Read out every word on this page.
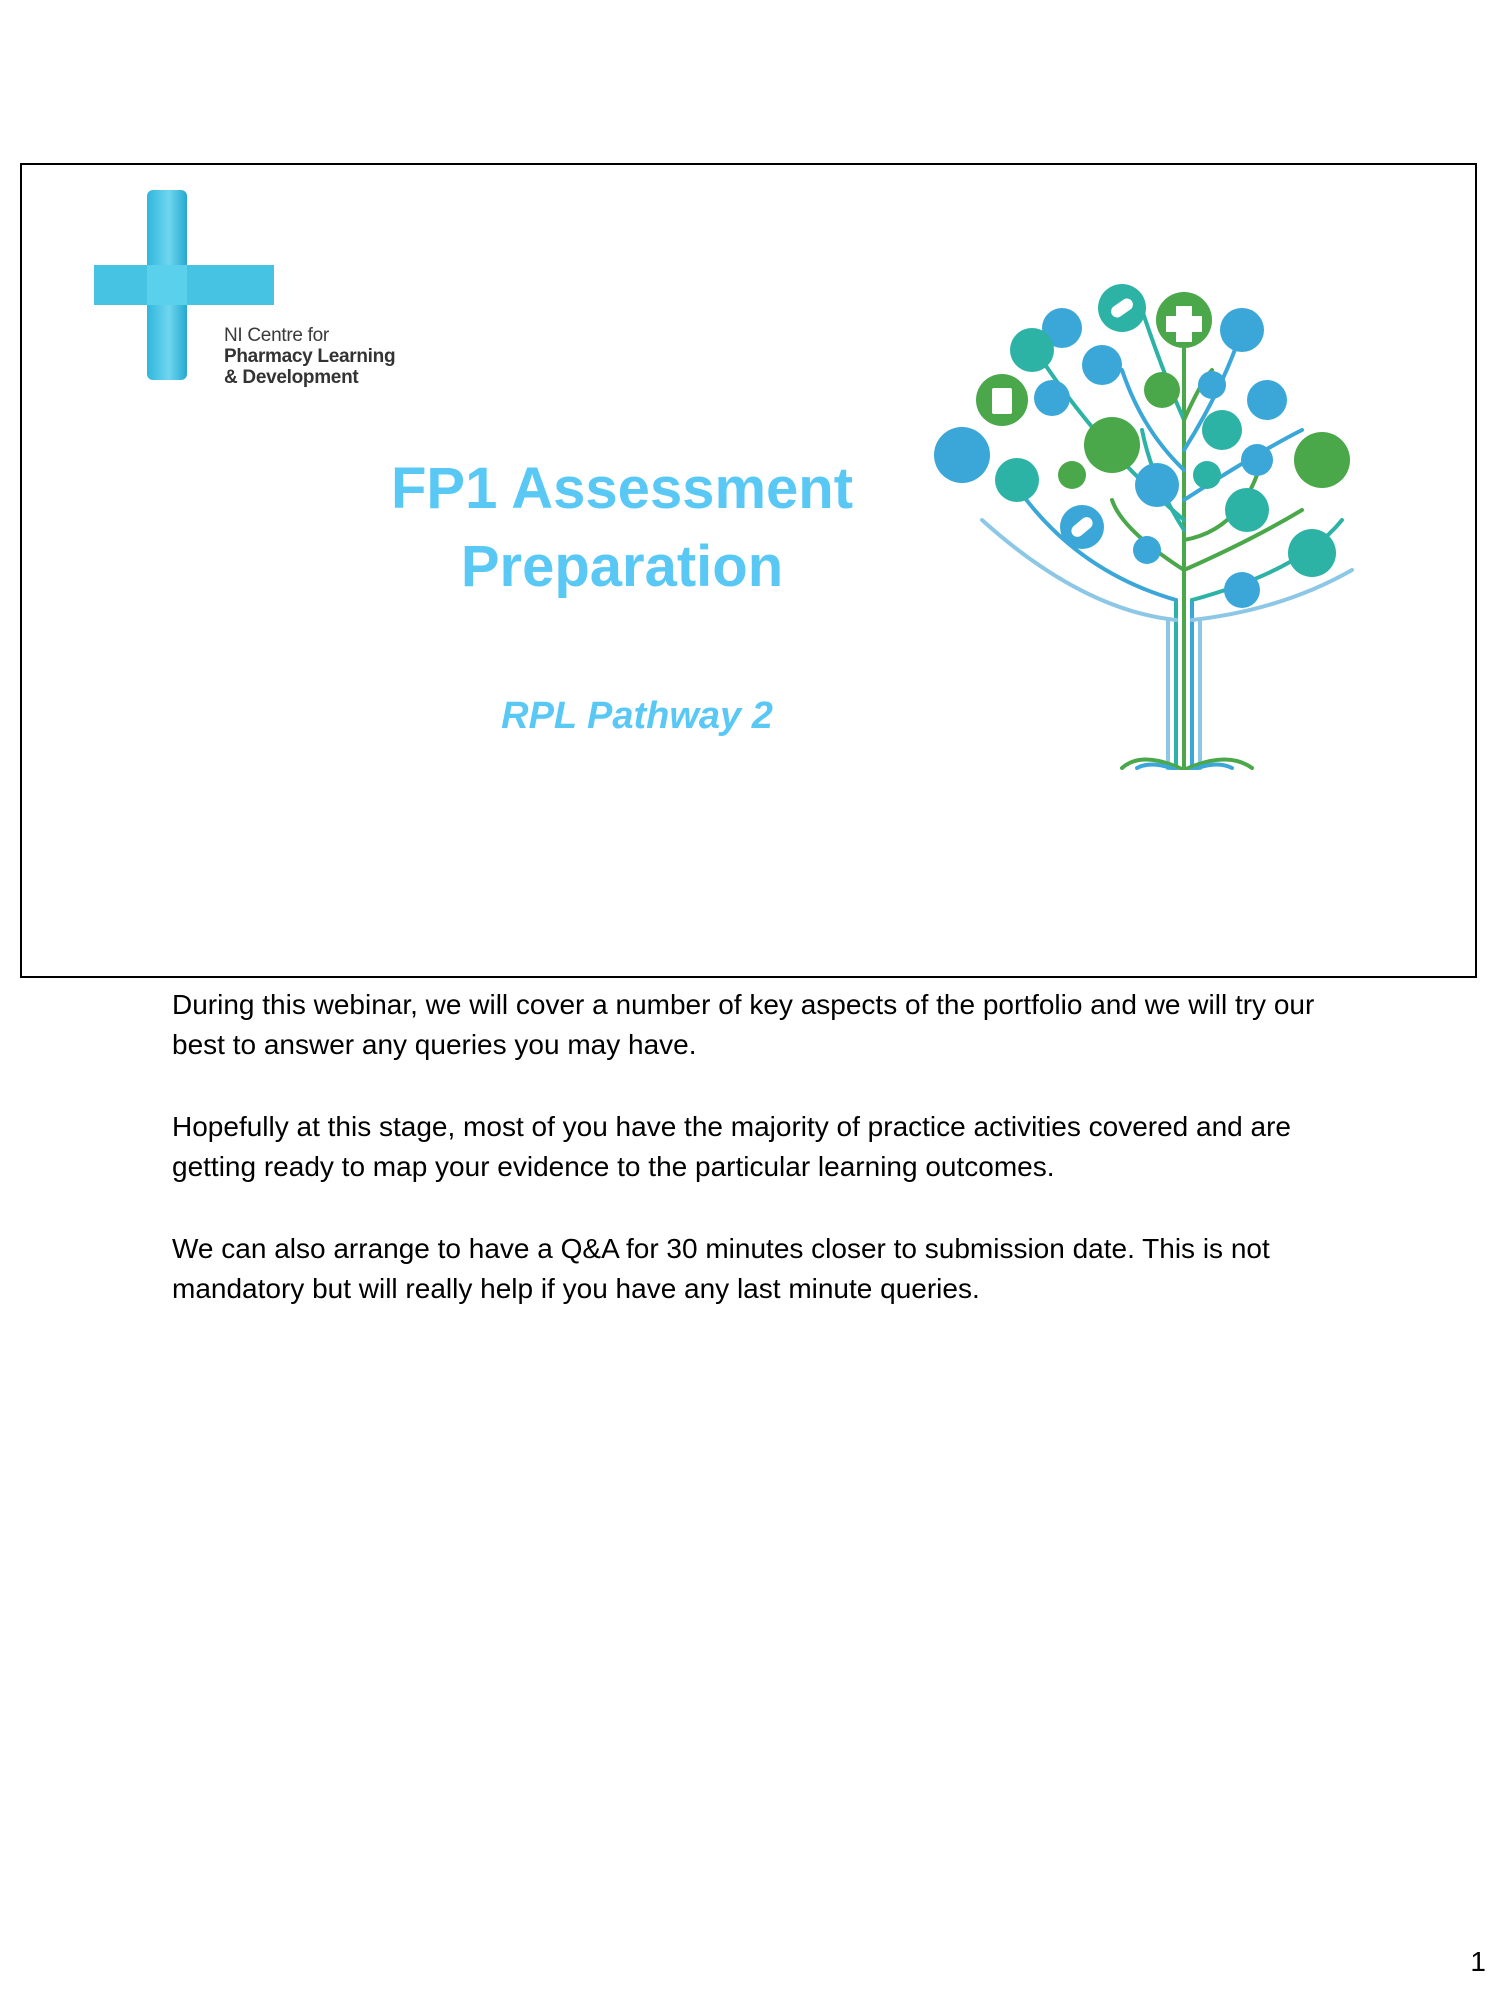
NI Centre for
Pharmacy Learning
& Development
FP1 Assessment
Preparation
RPL Pathway 2

During this webinar, we will cover a number of key aspects of the portfolio and we will try our best to answer any queries you may have.

Hopefully at this stage, most of you have the majority of practice activities covered and are getting ready to map your evidence to the particular learning outcomes.

We can also arrange to have a Q&A for 30 minutes closer to submission date. This is not mandatory but will really help if you have any last minute queries.

1
